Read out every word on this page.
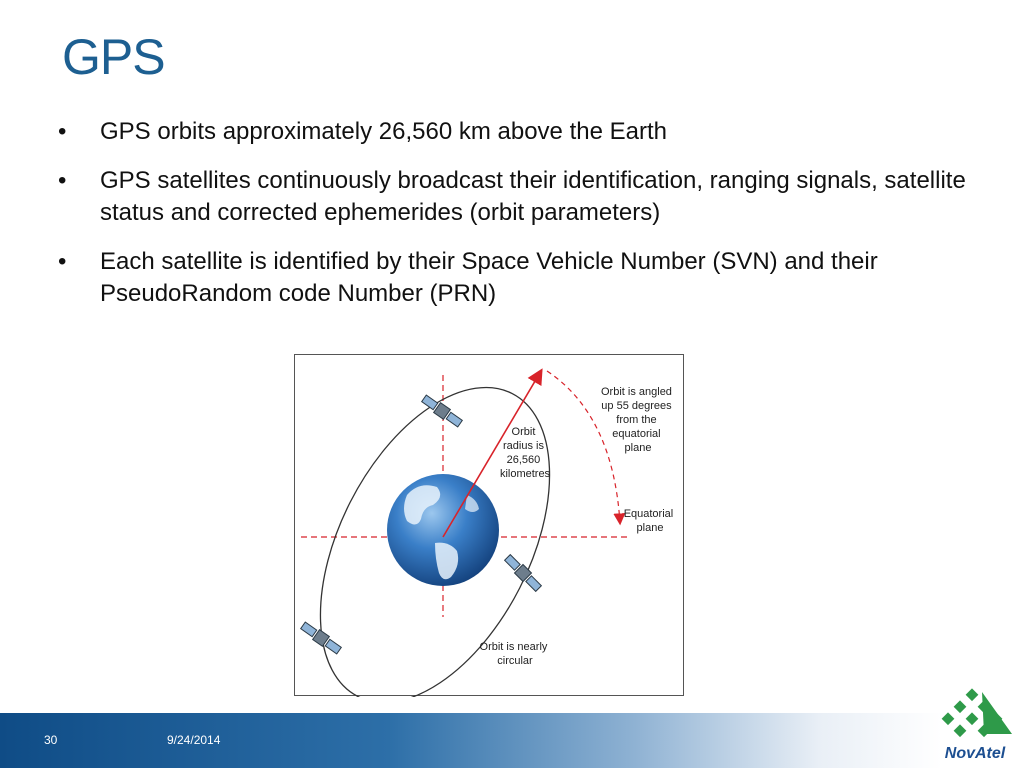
GPS
• GPS orbits approximately 26,560 km above the Earth
• GPS satellites continuously broadcast their identification, ranging signals, satellite status and corrected ephemerides (orbit parameters)
• Each satellite is identified by their Space Vehicle Number (SVN) and their PseudoRandom code Number (PRN)
Orbit radius is 26,560 kilometres
Orbit is angled up 55 degrees from the equatorial plane
Equatorial plane
Orbit is nearly circular
30	9/24/2014
NovAtel
